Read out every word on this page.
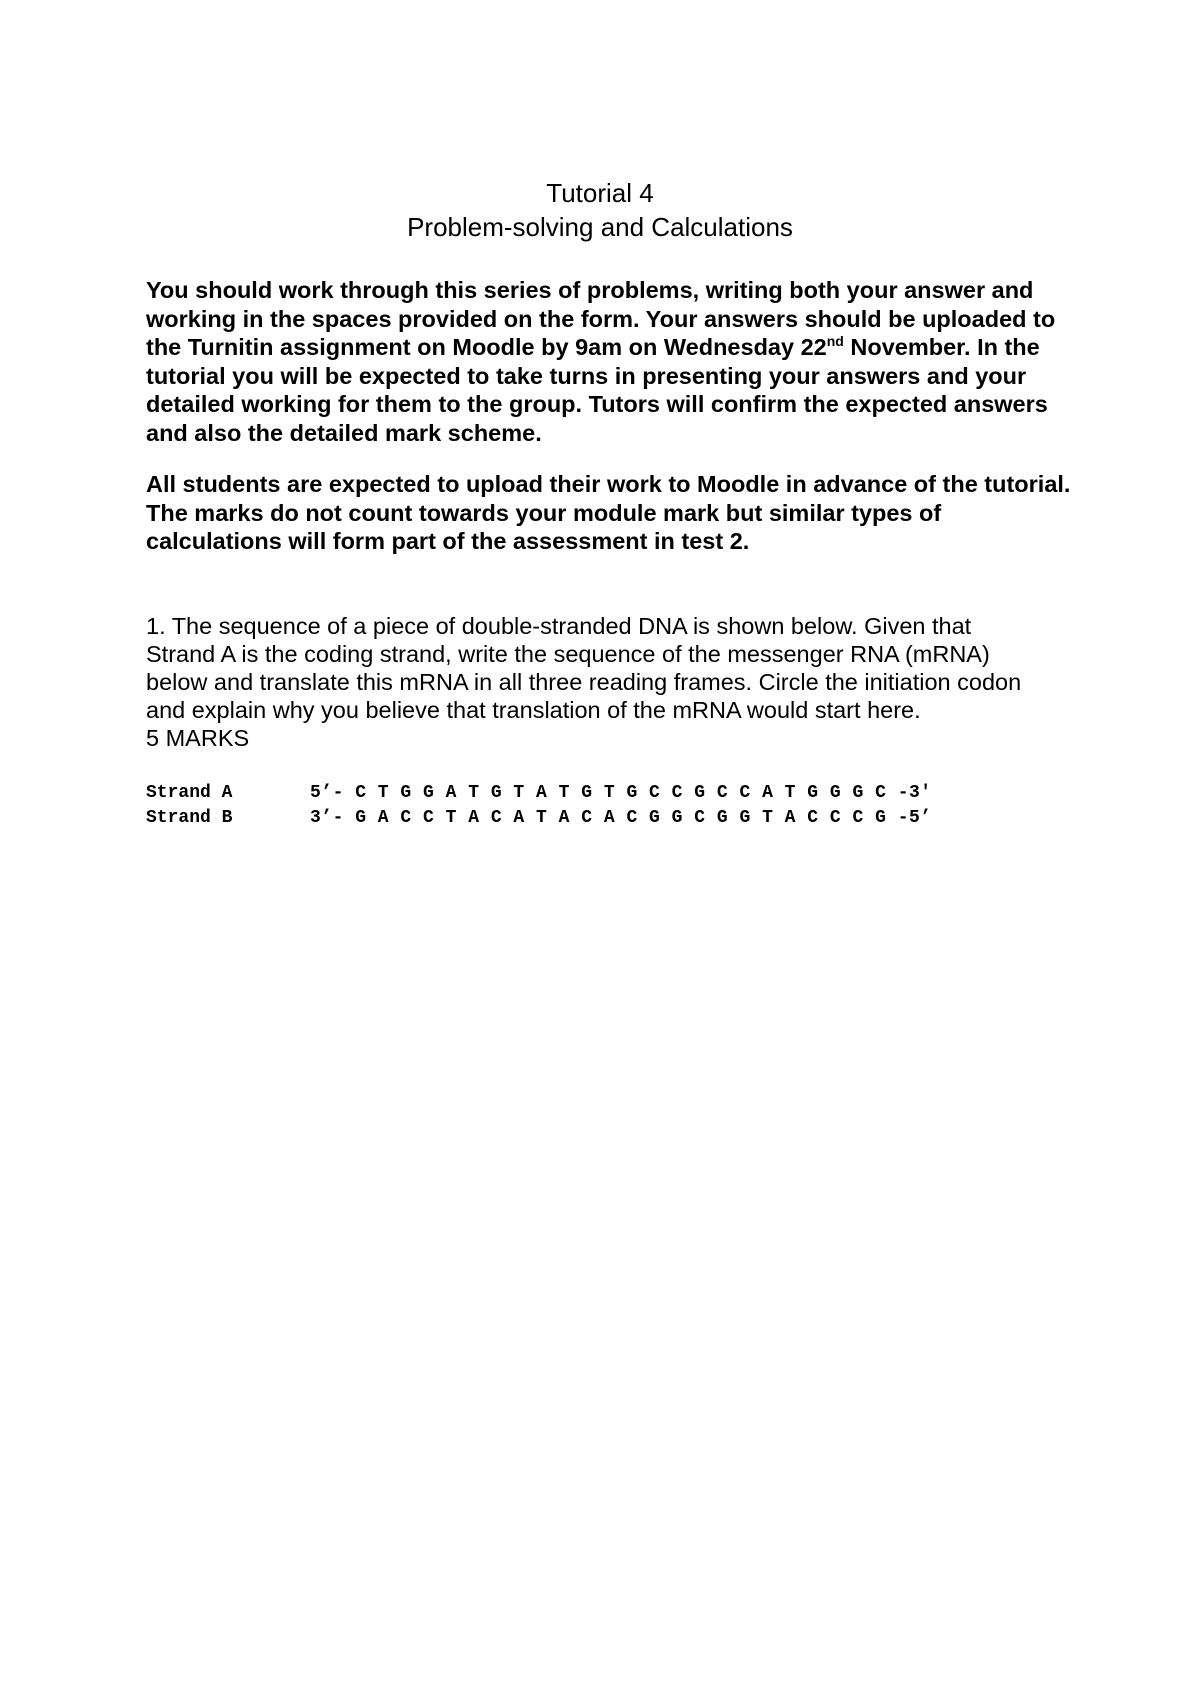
Tutorial 4
Problem-solving and Calculations

You should work through this series of problems, writing both your answer and working in the spaces provided on the form. Your answers should be uploaded to the Turnitin assignment on Moodle by 9am on Wednesday 22nd November. In the tutorial you will be expected to take turns in presenting your answers and your detailed working for them to the group. Tutors will confirm the expected answers and also the detailed mark scheme.

All students are expected to upload their work to Moodle in advance of the tutorial. The marks do not count towards your module mark but similar types of calculations will form part of the assessment in test 2.

1. The sequence of a piece of double-stranded DNA is shown below. Given that
Strand A is the coding strand, write the sequence of the messenger RNA (mRNA)
below and translate this mRNA in all three reading frames. Circle the initiation codon
and explain why you believe that translation of the mRNA would start here.
5 MARKS
Strand A	5’- C T G G A T G T A T G T G C C G C C A T G G G C -3'
Strand B	3’- G A C C T A C A T A C A C G G C G G T A C C C G -5’
